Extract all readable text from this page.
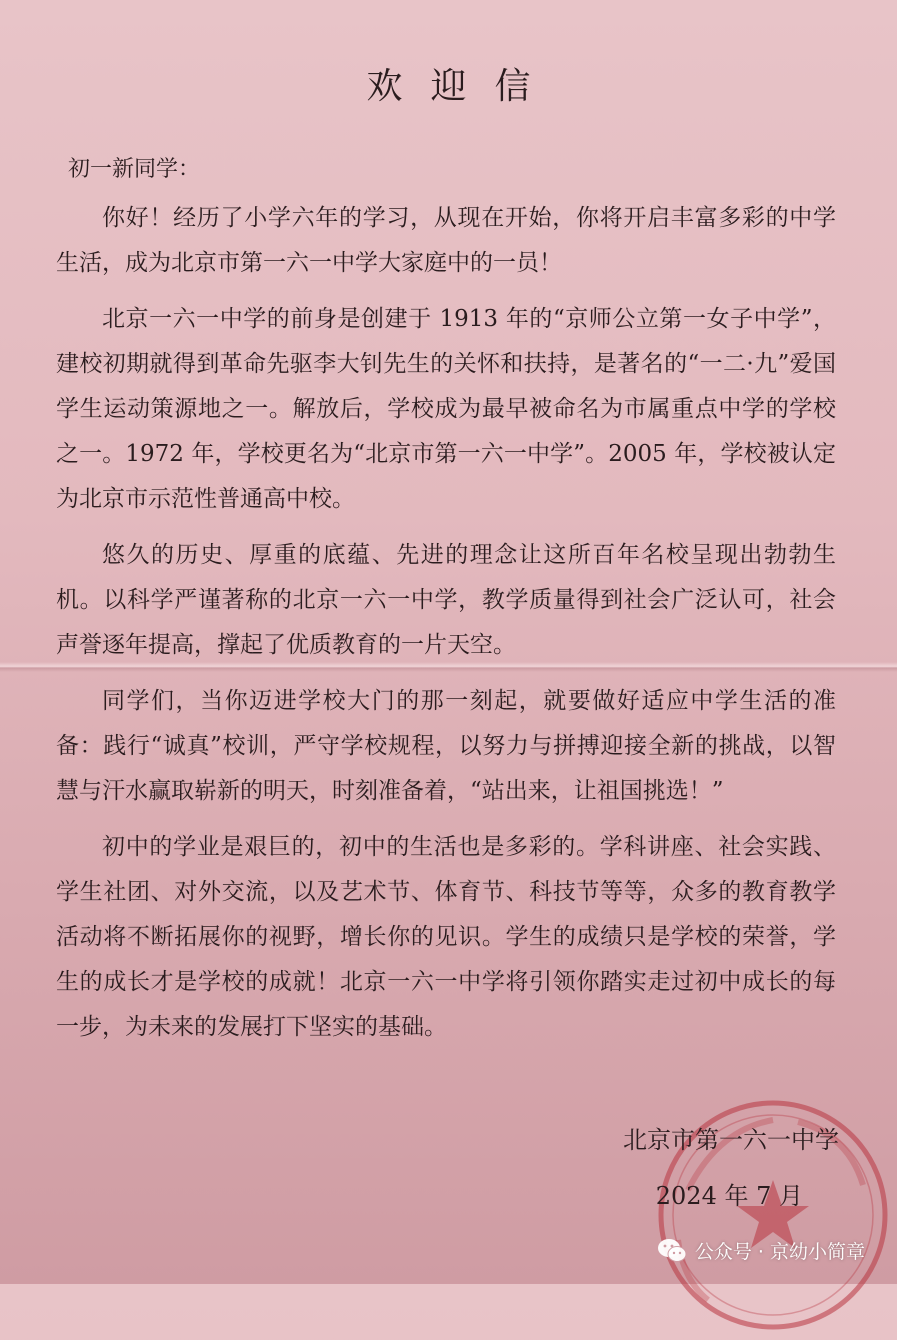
欢迎信
初一新同学：

你好！经历了小学六年的学习，从现在开始，你将开启丰富多彩的中学生活，成为北京市第一六一中学大家庭中的一员！

北京一六一中学的前身是创建于 1913 年的“京师公立第一女子中学”，建校初期就得到革命先驱李大钊先生的关怀和扶持，是著名的“一二·九”爱国学生运动策源地之一。解放后，学校成为最早被命名为市属重点中学的学校之一。1972 年，学校更名为“北京市第一六一中学”。2005 年，学校被认定为北京市示范性普通高中校。

悠久的历史、厚重的底蕴、先进的理念让这所百年名校呈现出勃勃生机。以科学严谨著称的北京一六一中学，教学质量得到社会广泛认可，社会声誉逐年提高，撑起了优质教育的一片天空。

同学们，当你迈进学校大门的那一刻起，就要做好适应中学生活的准备：践行“诚真”校训，严守学校规程，以努力与拼搏迎接全新的挑战，以智慧与汗水赢取崭新的明天，时刻准备着，“站出来，让祖国挑选！”

初中的学业是艰巨的，初中的生活也是多彩的。学科讲座、社会实践、学生社团、对外交流，以及艺术节、体育节、科技节等等，众多的教育教学活动将不断拓展你的视野，增长你的见识。学生的成绩只是学校的荣誉，学生的成长才是学校的成就！北京一六一中学将引领你踏实走过初中成长的每一步，为未来的发展打下坚实的基础。

北京市第一六一中学
2024 年 7 月
公众号 · 京幼小简章
